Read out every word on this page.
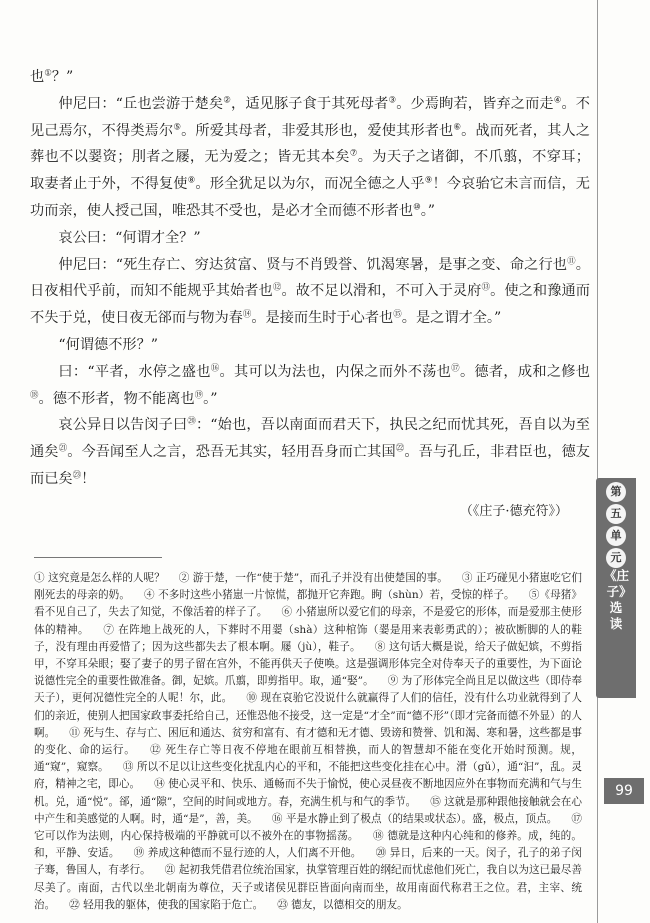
也①？”

仲尼曰：“丘也尝游于楚矣②，适见豚子食于其死母者③。少焉眴若，皆弃之而走④。不见己焉尔，不得类焉尔⑤。所爱其母者，非爱其形也，爱使其形者也⑥。战而死者，其人之葬也不以翣资；刖者之屦，无为爱之；皆无其本矣⑦。为天子之诸御，不爪翦，不穿耳；取妻者止于外，不得复使⑧。形全犹足以为尔，而况全德之人乎⑨！今哀骀它未言而信，无功而亲，使人授己国，唯恐其不受也，是必才全而德不形者也⑩。”

哀公曰：“何谓才全？”

仲尼曰：“死生存亡、穷达贫富、贤与不肖毁誉、饥渴寒暑，是事之变、命之行也⑪。日夜相代乎前，而知不能规乎其始者也⑫。故不足以滑和，不可入于灵府⑬。使之和豫通而不失于兑，使日夜无郤而与物为春⑭。是接而生时于心者也⑮。是之谓才全。”

“何谓德不形？”

曰：“平者，水停之盛也⑯。其可以为法也，内保之而外不荡也⑰。德者，成和之修也⑱。德不形者，物不能离也⑲。”

哀公异日以告闵子曰⑳：“始也，吾以南面而君天下，执民之纪而忧其死，吾自以为至通矣$^㉑$。今吾闻至人之言，恐吾无其实，轻用吾身而亡其国$^㉒$。吾与孔丘，非君臣也，德友而已矣$^㉓$！

（《庄子·德充符》）
① 这究竟是怎么样的人呢？ ② 游于楚，一作“使于楚”，而孔子并没有出使楚国的事。 ③ 正巧碰见小猪崽吃它们刚死去的母亲的奶。 ④ 不多时这些小猪崽一片惊慌，都抛开它奔跑。眴（shùn）若，受惊的样子。 ⑤《母猪》看不见自己了，失去了知觉，不像活着的样子了。 ⑥ 小猪崽所以爱它们的母亲，不是爱它的形体，而是爱那主使形体的精神。 ⑦ 在阵地上战死的人，下葬时不用翣（shà）这种棺饰（翣是用来表彰勇武的）；被砍断脚的人的鞋子，没有理由再爱惜了；因为这些都失去了根本啊。屦（jù），鞋子。 ⑧ 这句话大概是说，给天子做妃嫔，不剪指甲，不穿耳朵眼；娶了妻子的男子留在宫外，不能再供天子使唤。这是强调形体完全对侍奉天子的重要性，为下面论说德性完全的重要性做准备。御，妃嫔。爪翦，即剪指甲。取，通“娶”。 ⑨ 为了形体完全尚且足以做这些（即侍奉天子），更何况德性完全的人呢！尔，此。 ⑩ 现在哀骀它没说什么就赢得了人们的信任，没有什么功业就得到了人们的亲近，使别人把国家政事委托给自己，还惟恐他不接受，这一定是“才全”而“德不形”（即才完备而德不外显）的人啊。 ⑪ 死与生、存与亡、困厄和通达、贫穷和富有、有才德和无才德、毁谤和赞誉、饥和渴、寒和暑，这些都是事的变化、命的运行。 ⑫ 死生存亡等日夜不停地在眼前互相替换，而人的智慧却不能在变化开始时预测。规，通“窥”，窥察。 ⑬ 所以不足以让这些变化扰乱内心的平和，不能把这些变化挂在心中。滑（gǔ），通“汩”，乱。灵府，精神之宅，即心。 ⑭ 使心灵平和、快乐、通畅而不失于愉悦，使心灵昼夜不断地因应外在事物而充满和气与生机。兑，通“悦”。郤，通“隙”，空间的时间或地方。春，充满生机与和气的季节。 ⑮ 这就是那种跟他接触就会在心中产生和美感觉的人啊。时，通“是”，善，美。 ⑯ 平是水静止到了极点（的结果或状态）。盛，极点，顶点。 ⑰ 它可以作为法则，内心保持极端的平静就可以不被外在的事物摇荡。 ⑱ 德就是这种内心纯和的修养。成，纯的。和，平静、安适。 ⑲ 养成这种德而不显行迹的人，人们离不开他。 ⑳ 异日，后来的一天。闵子，孔子的弟子闵子骞，鲁国人，有孝行。 ㉑ 起初我凭借君位统治国家，执掌管理百姓的纲纪而忧虑他们死亡，我自以为这已最尽善尽美了。南面，古代以坐北朝南为尊位，天子或诸侯见群臣皆面向南而坐，故用南面代称君王之位。君，主宰、统治。 ㉒ 轻用我的躯体，使我的国家陷于危亡。 ㉓ 德友，以德相交的朋友。
第
五
单
元
《庄子》选读
99
